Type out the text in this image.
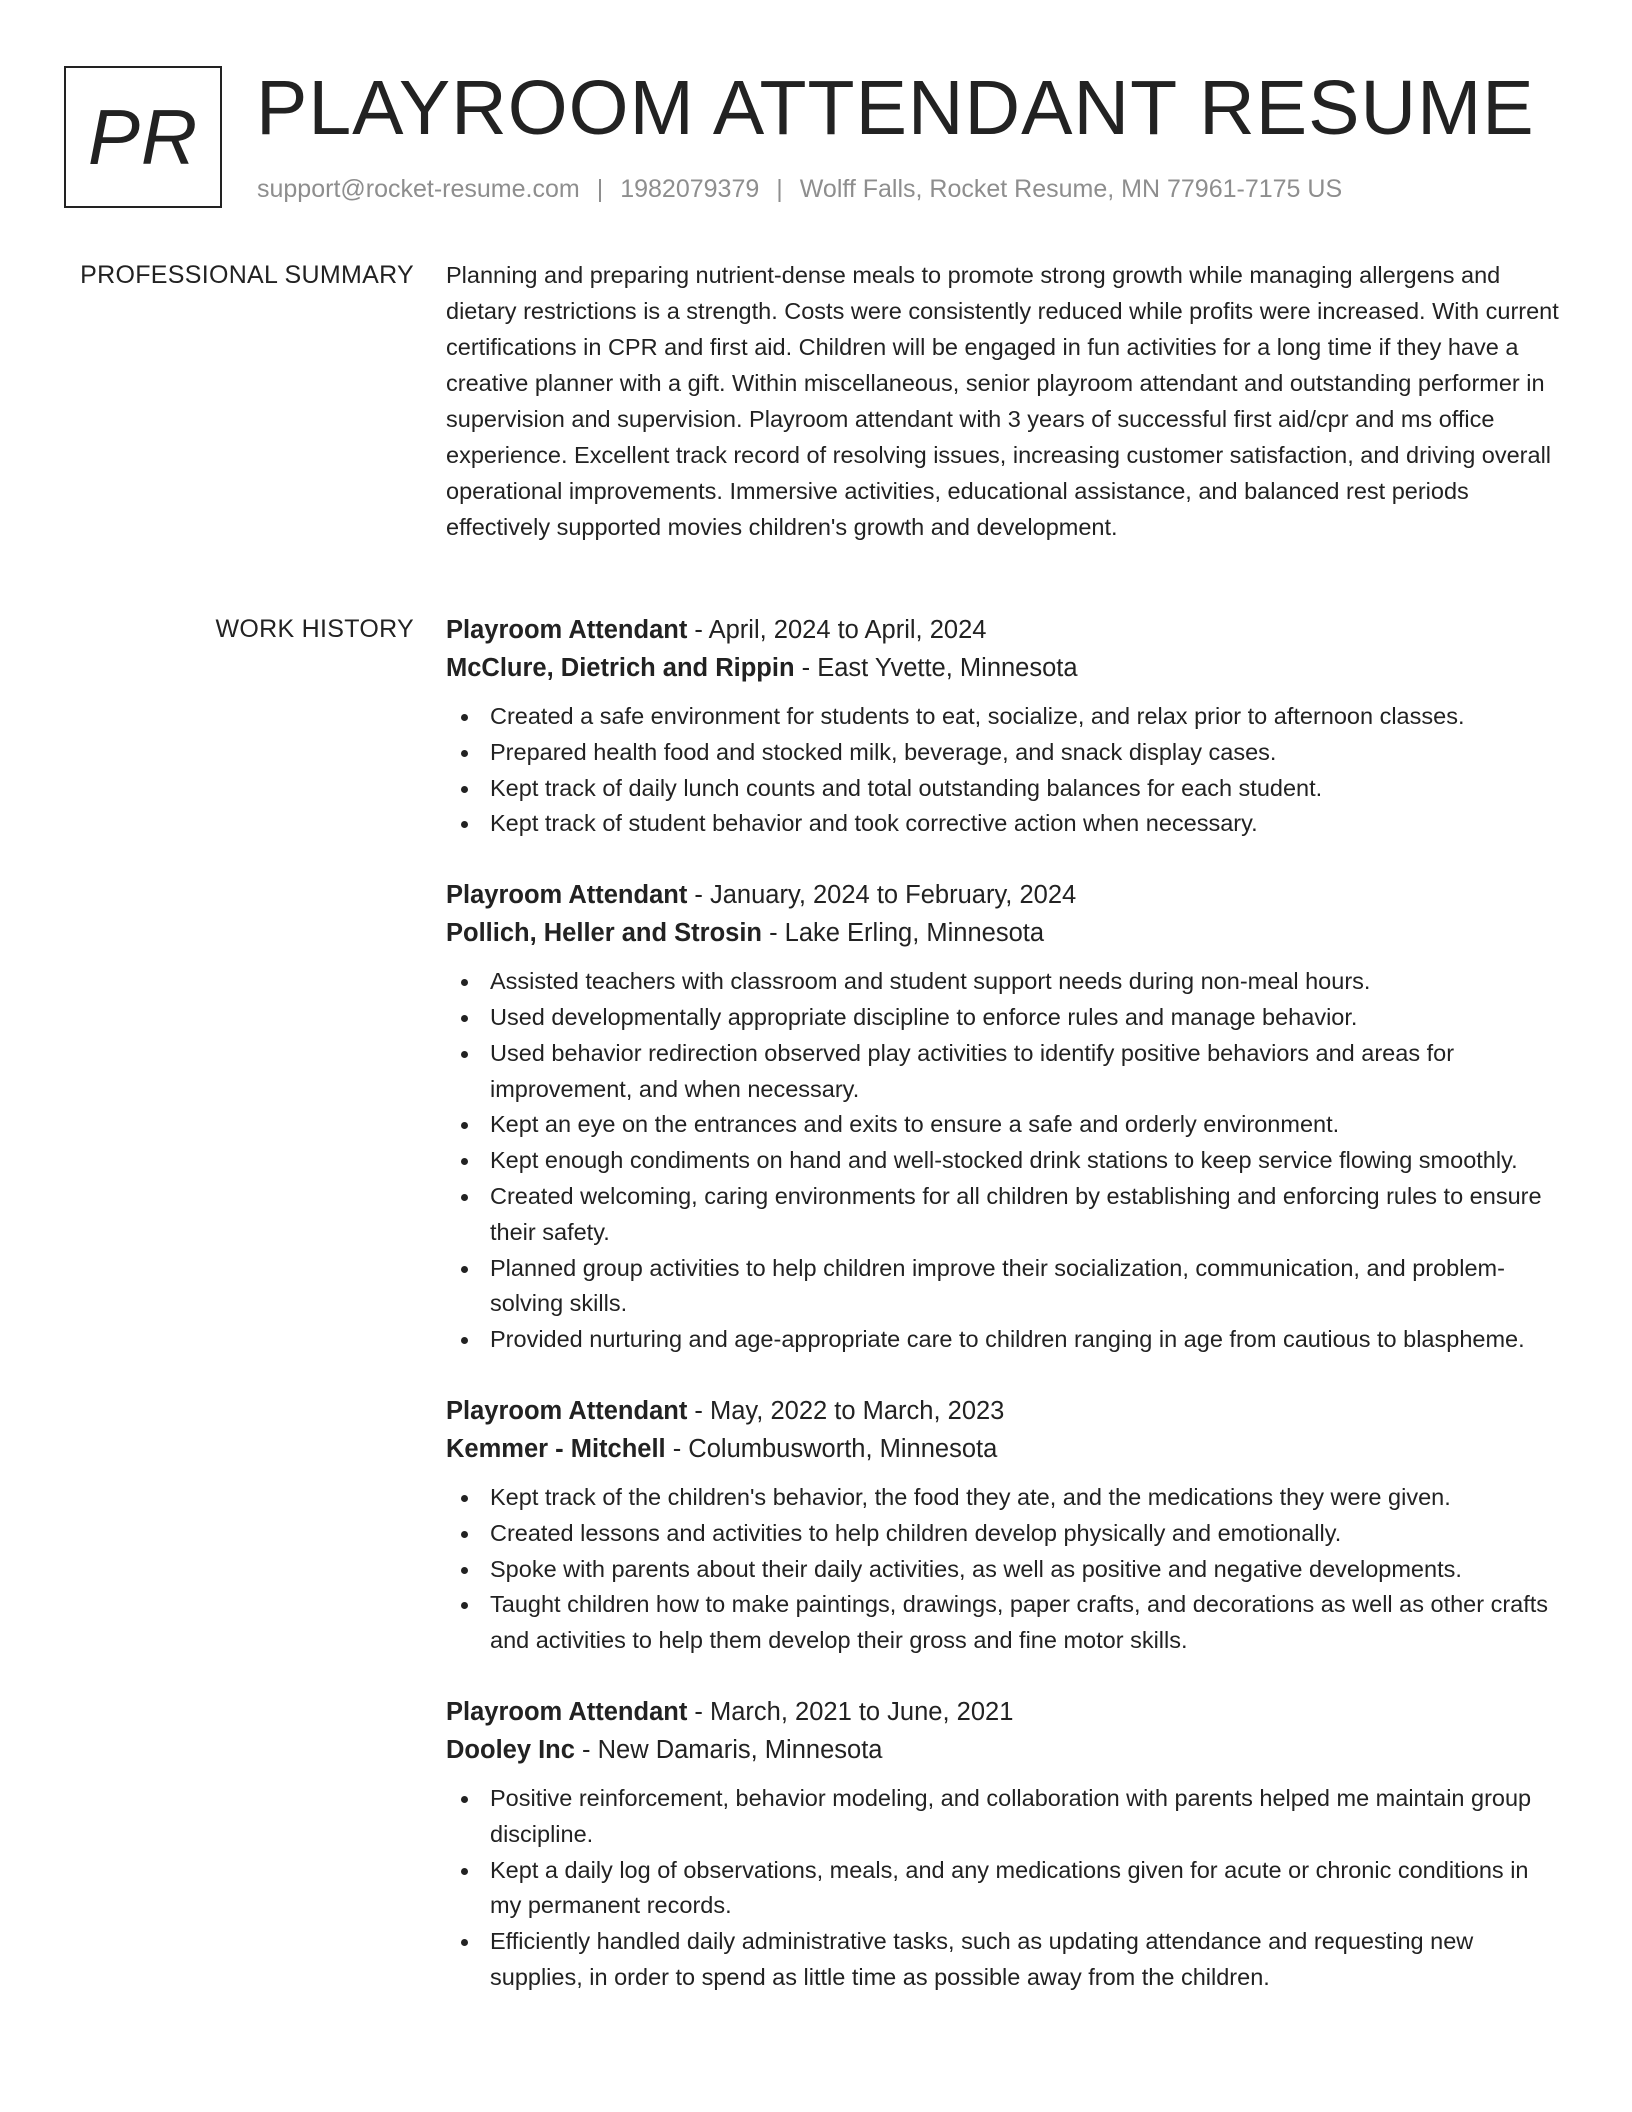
PR PLAYROOM ATTENDANT RESUME
support@rocket-resume.com | 1982079379 | Wolff Falls, Rocket Resume, MN 77961-7175 US
PROFESSIONAL SUMMARY Planning and preparing nutrient-dense meals to promote strong growth while managing allergens and dietary restrictions is a strength. Costs were consistently reduced while profits were increased. With current certifications in CPR and first aid. Children will be engaged in fun activities for a long time if they have a creative planner with a gift. Within miscellaneous, senior playroom attendant and outstanding performer in supervision and supervision. Playroom attendant with 3 years of successful first aid/cpr and ms office experience. Excellent track record of resolving issues, increasing customer satisfaction, and driving overall operational improvements. Immersive activities, educational assistance, and balanced rest periods effectively supported movies children's growth and development.
WORK HISTORY Playroom Attendant - April, 2024 to April, 2024
McClure, Dietrich and Rippin - East Yvette, Minnesota
Created a safe environment for students to eat, socialize, and relax prior to afternoon classes.
Prepared health food and stocked milk, beverage, and snack display cases.
Kept track of daily lunch counts and total outstanding balances for each student.
Kept track of student behavior and took corrective action when necessary.
Playroom Attendant - January, 2024 to February, 2024
Pollich, Heller and Strosin - Lake Erling, Minnesota
Assisted teachers with classroom and student support needs during non-meal hours.
Used developmentally appropriate discipline to enforce rules and manage behavior.
Used behavior redirection observed play activities to identify positive behaviors and areas for improvement, and when necessary.
Kept an eye on the entrances and exits to ensure a safe and orderly environment.
Kept enough condiments on hand and well-stocked drink stations to keep service flowing smoothly.
Created welcoming, caring environments for all children by establishing and enforcing rules to ensure their safety.
Planned group activities to help children improve their socialization, communication, and problem-solving skills.
Provided nurturing and age-appropriate care to children ranging in age from cautious to blaspheme.
Playroom Attendant - May, 2022 to March, 2023
Kemmer - Mitchell - Columbusworth, Minnesota
Kept track of the children's behavior, the food they ate, and the medications they were given.
Created lessons and activities to help children develop physically and emotionally.
Spoke with parents about their daily activities, as well as positive and negative developments.
Taught children how to make paintings, drawings, paper crafts, and decorations as well as other crafts and activities to help them develop their gross and fine motor skills.
Playroom Attendant - March, 2021 to June, 2021
Dooley Inc - New Damaris, Minnesota
Positive reinforcement, behavior modeling, and collaboration with parents helped me maintain group discipline.
Kept a daily log of observations, meals, and any medications given for acute or chronic conditions in my permanent records.
Efficiently handled daily administrative tasks, such as updating attendance and requesting new supplies, in order to spend as little time as possible away from the children.
